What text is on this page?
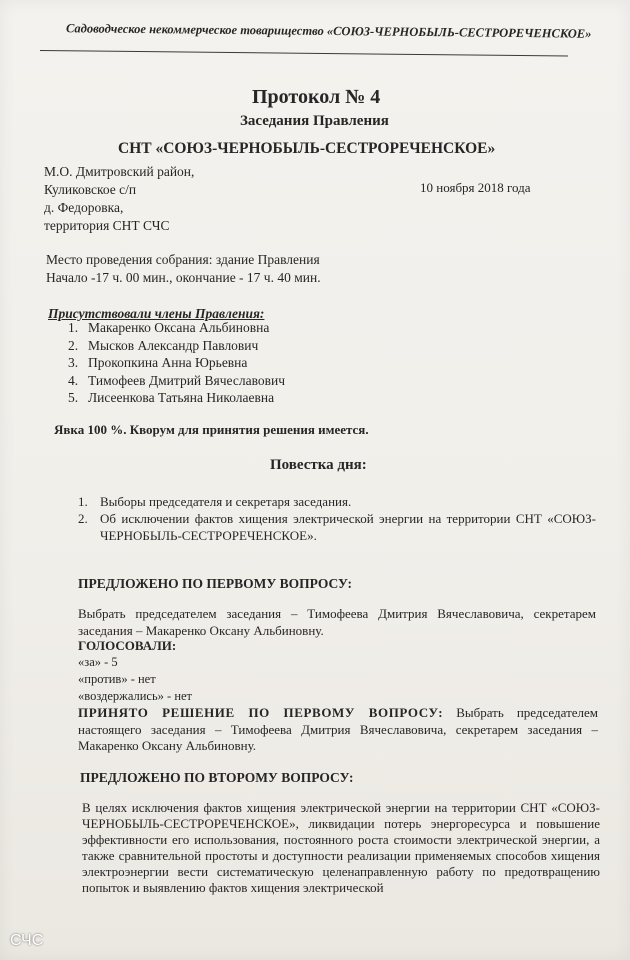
Садоводческое некоммерческое товарищество «СОЮЗ-ЧЕРНОБЫЛЬ-СЕСТРОРЕЧЕНСКОЕ»
Протокол № 4
Заседания Правления
СНТ «СОЮЗ-ЧЕРНОБЫЛЬ-СЕСТРОРЕЧЕНСКОЕ»
М.О. Дмитровский район,
Куликовское с/п
д. Федоровка,
территория СНТ СЧС
10 ноября 2018 года
Место проведения собрания: здание Правления
Начало -17 ч. 00 мин., окончание - 17 ч. 40 мин.
Присутствовали члены Правления:
1. Макаренко Оксана Альбиновна
2. Мысков Александр Павлович
3. Прокопкина Анна Юрьевна
4. Тимофеев Дмитрий Вячеславович
5. Лисеенкова Татьяна Николаевна
Явка 100 %. Кворум для принятия решения имеется.
Повестка дня:
1. Выборы председателя и секретаря заседания.
2. Об исключении фактов хищения электрической энергии на территории СНТ «СОЮЗ-ЧЕРНОБЫЛЬ-СЕСТРОРЕЧЕНСКОЕ».
ПРЕДЛОЖЕНО ПО ПЕРВОМУ ВОПРОСУ:
Выбрать председателем заседания – Тимофеева Дмитрия Вячеславовича, секретарем заседания – Макаренко Оксану Альбиновну.
ГОЛОСОВАЛИ:
«за» - 5
«против» - нет
«воздержались» - нет
ПРИНЯТО РЕШЕНИЕ ПО ПЕРВОМУ ВОПРОСУ: Выбрать председателем настоящего заседания – Тимофеева Дмитрия Вячеславовича, секретарем заседания – Макаренко Оксану Альбиновну.
ПРЕДЛОЖЕНО ПО ВТОРОМУ ВОПРОСУ:
В целях исключения фактов хищения электрической энергии на территории СНТ «СОЮЗ-ЧЕРНОБЫЛЬ-СЕСТРОРЕЧЕНСКОЕ», ликвидации потерь энергоресурса и повышение эффективности его использования, постоянного роста стоимости электрической энергии, а также сравнительной простоты и доступности реализации применяемых способов хищения электроэнергии вести систематическую целенаправленную работу по предотвращению попыток и выявлению фактов хищения электрической
СЧС
